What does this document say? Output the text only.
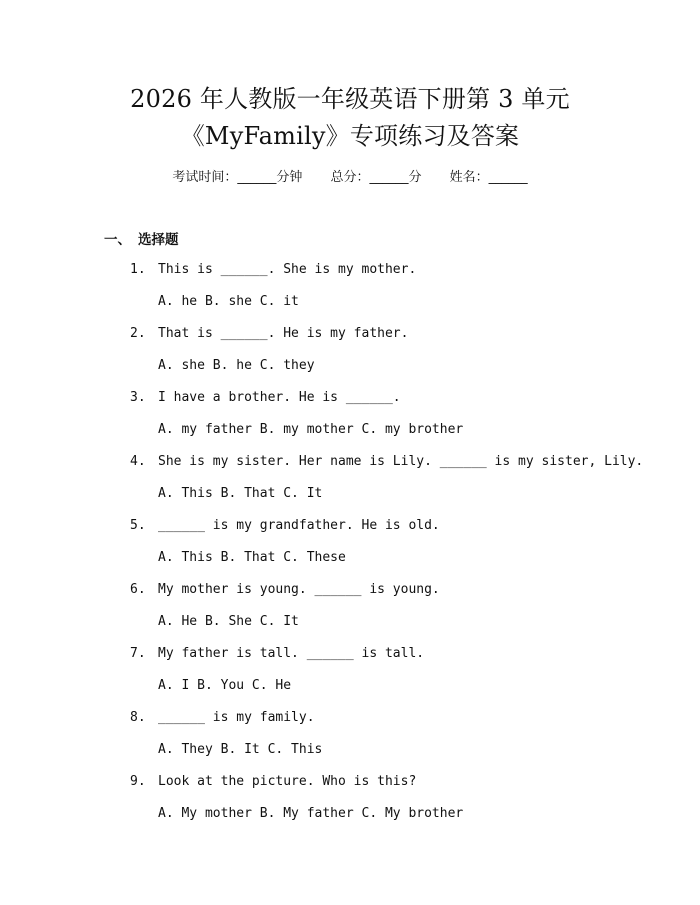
2026 年人教版一年级英语下册第 3 单元
《MyFamily》专项练习及答案
考试时间：______分钟 总分：______分 姓名：______
一、 选择题
1. This is ______. She is my mother.
A. he B. she C. it
2. That is ______. He is my father.
A. she B. he C. they
3. I have a brother. He is ______.
A. my father B. my mother C. my brother
4. She is my sister. Her name is Lily. ______ is my sister, Lily.
A. This B. That C. It
5. ______ is my grandfather. He is old.
A. This B. That C. These
6. My mother is young. ______ is young.
A. He B. She C. It
7. My father is tall. ______ is tall.
A. I B. You C. He
8. ______ is my family.
A. They B. It C. This
9. Look at the picture. Who is this?
A. My mother B. My father C. My brother
